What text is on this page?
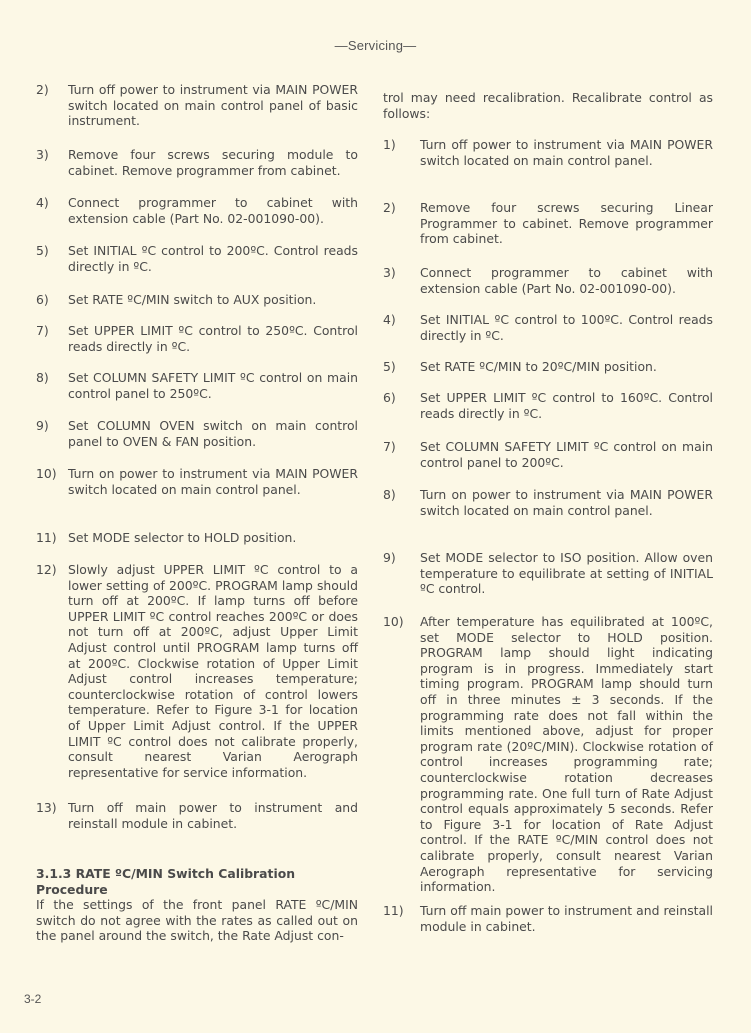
—Servicing—
2) Turn off power to instrument via MAIN POWER switch located on main control panel of basic instrument.
3) Remove four screws securing module to cabinet. Remove programmer from cabinet.
4) Connect programmer to cabinet with extension cable (Part No. 02-001090-00).
5) Set INITIAL ºC control to 200ºC. Control reads directly in ºC.
6) Set RATE ºC/MIN switch to AUX position.
7) Set UPPER LIMIT ºC control to 250ºC. Control reads directly in ºC.
8) Set COLUMN SAFETY LIMIT ºC control on main control panel to 250ºC.
9) Set COLUMN OVEN switch on main control panel to OVEN & FAN position.
10) Turn on power to instrument via MAIN POWER switch located on main control panel.
11) Set MODE selector to HOLD position.
12) Slowly adjust UPPER LIMIT ºC control to a lower setting of 200ºC. PROGRAM lamp should turn off at 200ºC. If lamp turns off before UPPER LIMIT ºC control reaches 200ºC or does not turn off at 200ºC, adjust Upper Limit Adjust control until PROGRAM lamp turns off at 200ºC. Clockwise rotation of Upper Limit Adjust control increases temperature; counterclockwise rotation of control lowers temperature. Refer to Figure 3-1 for location of Upper Limit Adjust control. If the UPPER LIMIT ºC control does not calibrate properly, consult nearest Varian Aerograph representative for service information.
13) Turn off main power to instrument and reinstall module in cabinet.
3.1.3 RATE ºC/MIN Switch Calibration Procedure
If the settings of the front panel RATE ºC/MIN switch do not agree with the rates as called out on the panel around the switch, the Rate Adjust con-
trol may need recalibration. Recalibrate control as follows:
1) Turn off power to instrument via MAIN POWER switch located on main control panel.
2) Remove four screws securing Linear Programmer to cabinet. Remove programmer from cabinet.
3) Connect programmer to cabinet with extension cable (Part No. 02-001090-00).
4) Set INITIAL ºC control to 100ºC. Control reads directly in ºC.
5) Set RATE ºC/MIN to 20ºC/MIN position.
6) Set UPPER LIMIT ºC control to 160ºC. Control reads directly in ºC.
7) Set COLUMN SAFETY LIMIT ºC control on main control panel to 200ºC.
8) Turn on power to instrument via MAIN POWER switch located on main control panel.
9) Set MODE selector to ISO position. Allow oven temperature to equilibrate at setting of INITIAL ºC control.
10) After temperature has equilibrated at 100ºC, set MODE selector to HOLD position. PROGRAM lamp should light indicating program is in progress. Immediately start timing program. PROGRAM lamp should turn off in three minutes ± 3 seconds. If the programming rate does not fall within the limits mentioned above, adjust for proper program rate (20ºC/MIN). Clockwise rotation of control increases programming rate; counterclockwise rotation decreases programming rate. One full turn of Rate Adjust control equals approximately 5 seconds. Refer to Figure 3-1 for location of Rate Adjust control. If the RATE ºC/MIN control does not calibrate properly, consult nearest Varian Aerograph representative for servicing information.
11) Turn off main power to instrument and reinstall module in cabinet.
3-2
